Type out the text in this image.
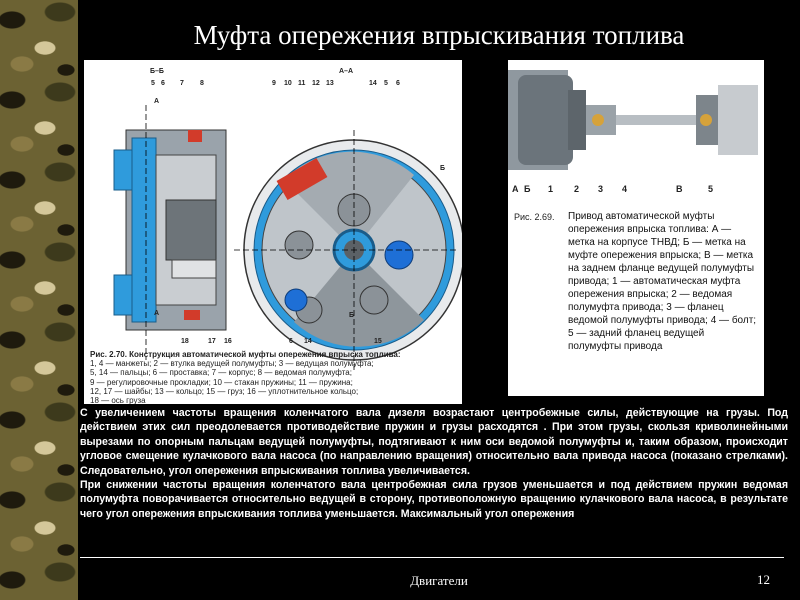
Муфта опережения впрыскивания топлива
Б–Б	А–А
5 6 7 8	9 10 11 12 13	14 5 6
А
Б
А	Б
18	17 16	6 14	15
Рис. 2.70. Конструкция автоматической муфты опережения впрыска топлива:
1, 4 — манжеты; 2 — втулка ведущей полумуфты; 3 — ведущая полумуфта;
5, 14 — пальцы; 6 — проставка; 7 — корпус; 8 — ведомая полумуфта;
9 — регулировочные прокладки; 10 — стакан пружины; 11 — пружина;
12, 17 — шайбы; 13 — кольцо; 15 — груз; 16 — уплотнительное кольцо;
18 — ось груза
А Б 1 2 3 4	В	5
Рис. 2.69.	Привод автоматической муфты опережения впрыска топлива: А — метка на корпусе ТНВД; Б — метка на муфте опережения впрыска; В — метка на заднем фланце ведущей полумуфты привода; 1 — автоматическая муфта опережения впрыска; 2 — ведомая полумуфта привода; 3 — фланец ведомой полумуфты привода; 4 — болт; 5 — задний фланец ведущей полумуфты привода

С увеличением частоты вращения коленчатого вала дизеля возрастают центробежные силы, действующие на грузы. Под действием этих сил преодолевается противодействие пружин и грузы расходятся . При этом грузы, скользя криволинейными вырезами по опорным пальцам ведущей полумуфты, подтягивают к ним оси ведомой полумуфты и, таким образом, происходит угловое смещение кулачкового вала насоса (по направлению вращения) относительно вала привода насоса (показано стрелками). Следовательно, угол опережения впрыскивания топлива увеличивается.

При снижении частоты вращения коленчатого вала центробежная сила грузов уменьшается и под действием пружин ведомая полумуфта поворачивается относительно ведущей в сторону, противоположную вращению кулачкового вала насоса, в результате чего угол опережения впрыскивания топлива уменьшается. Максимальный угол опережения

Двигатели	12
